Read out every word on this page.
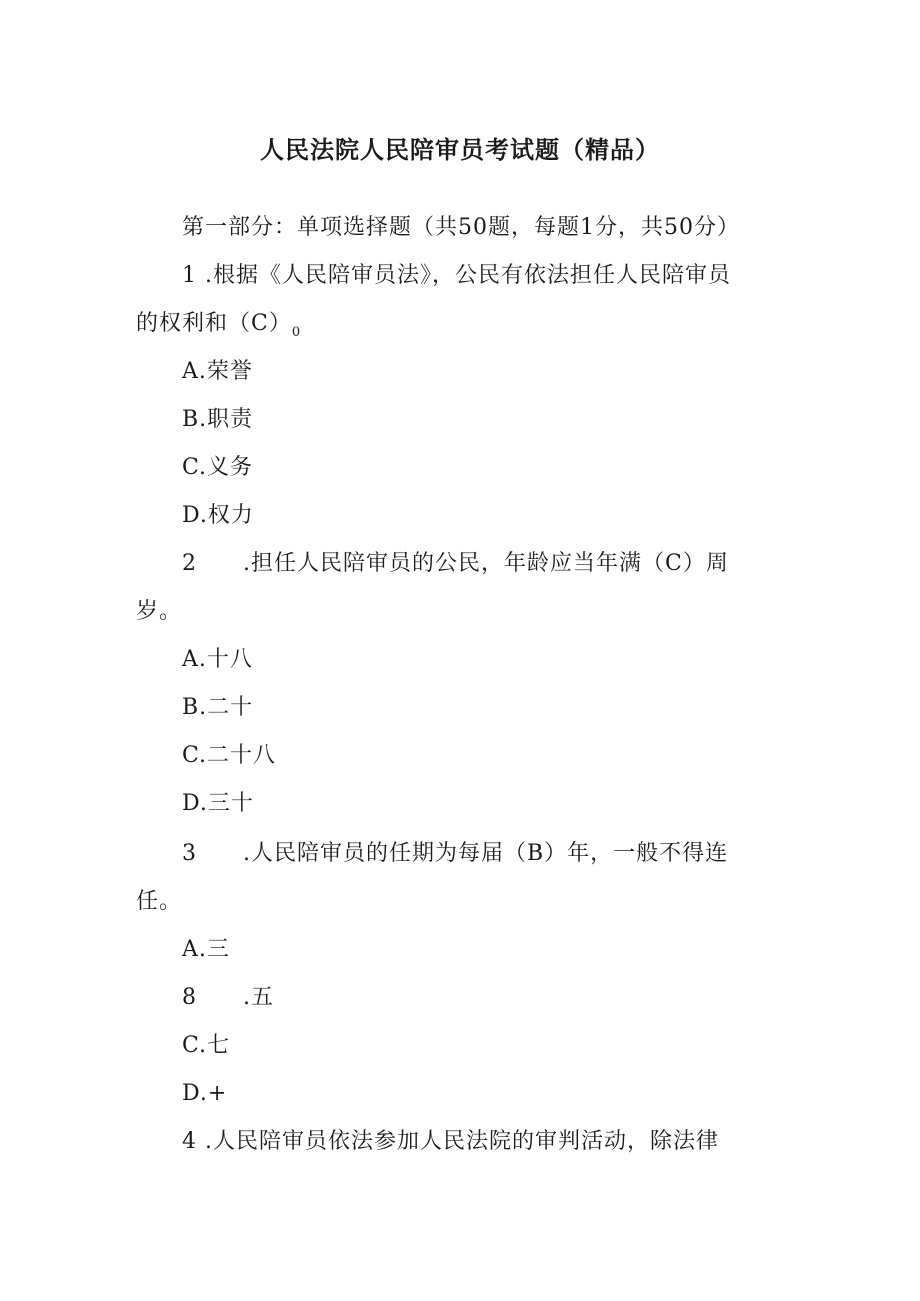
人民法院人民陪审员考试题（精品）
第一部分：单项选择题（共50题，每题1分，共50分）
1 .根据《人民陪审员法》，公民有依法担任人民陪审员
的权利和$(C)_0$
A.荣誉
B.职责
C.义务
D.权力
2 .担任人民陪审员的公民，年龄应当年满（C）周
岁。
A.十八
B.二十
C.二十八
D.三十
3 .人民陪审员的任期为每届（B）年，一般不得连
任。
A.三
8 .五
C.七
D.+
4 .人民陪审员依法参加人民法院的审判活动，除法律
